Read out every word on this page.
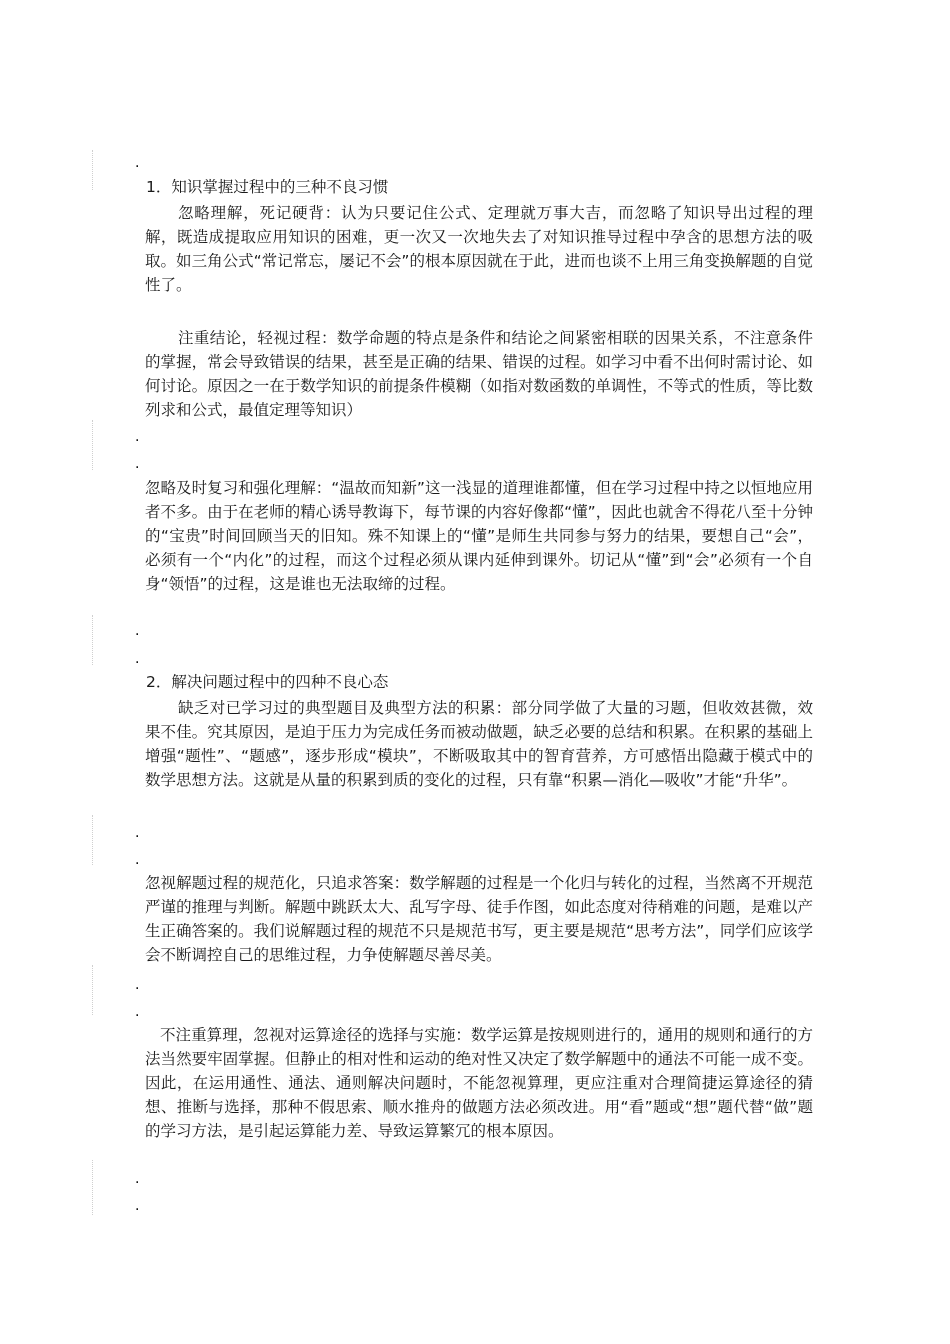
.
.
.
.
.
.
.
.
.
.
.
1．知识掌握过程中的三种不良习惯

忽略理解，死记硬背：认为只要记住公式、定理就万事大吉，而忽略了知识导出过程的理解，既造成提取应用知识的困难，更一次又一次地失去了对知识推导过程中孕含的思想方法的吸取。如三角公式“常记常忘，屡记不会”的根本原因就在于此，进而也谈不上用三角变换解题的自觉性了。

注重结论，轻视过程：数学命题的特点是条件和结论之间紧密相联的因果关系，不注意条件的掌握，常会导致错误的结果，甚至是正确的结果、错误的过程。如学习中看不出何时需讨论、如何讨论。原因之一在于数学知识的前提条件模糊（如指对数函数的单调性，不等式的性质，等比数列求和公式，最值定理等知识）

忽略及时复习和强化理解：“温故而知新”这一浅显的道理谁都懂，但在学习过程中持之以恒地应用者不多。由于在老师的精心诱导教诲下，每节课的内容好像都“懂”，因此也就舍不得花八至十分钟的“宝贵”时间回顾当天的旧知。殊不知课上的“懂”是师生共同参与努力的结果，要想自己“会”，必须有一个“内化”的过程，而这个过程必须从课内延伸到课外。切记从“懂”到“会”必须有一个自身“领悟”的过程，这是谁也无法取缔的过程。

2．解决问题过程中的四种不良心态

缺乏对已学习过的典型题目及典型方法的积累：部分同学做了大量的习题，但收效甚微，效果不佳。究其原因，是迫于压力为完成任务而被动做题，缺乏必要的总结和积累。在积累的基础上增强“题性”、“题感”，逐步形成“模块”，不断吸取其中的智育营养，方可感悟出隐藏于模式中的数学思想方法。这就是从量的积累到质的变化的过程，只有靠“积累—消化—吸收”才能“升华”。

忽视解题过程的规范化，只追求答案：数学解题的过程是一个化归与转化的过程，当然离不开规范严谨的推理与判断。解题中跳跃太大、乱写字母、徒手作图，如此态度对待稍难的问题，是难以产生正确答案的。我们说解题过程的规范不只是规范书写，更主要是规范“思考方法”，同学们应该学会不断调控自己的思维过程，力争使解题尽善尽美。

不注重算理，忽视对运算途径的选择与实施：数学运算是按规则进行的，通用的规则和通行的方法当然要牢固掌握。但静止的相对性和运动的绝对性又决定了数学解题中的通法不可能一成不变。因此，在运用通性、通法、通则解决问题时，不能忽视算理，更应注重对合理简捷运算途径的猜想、推断与选择，那种不假思索、顺水推舟的做题方法必须改进。用“看”题或“想”题代替“做”题的学习方法，是引起运算能力差、导致运算繁冗的根本原因。
